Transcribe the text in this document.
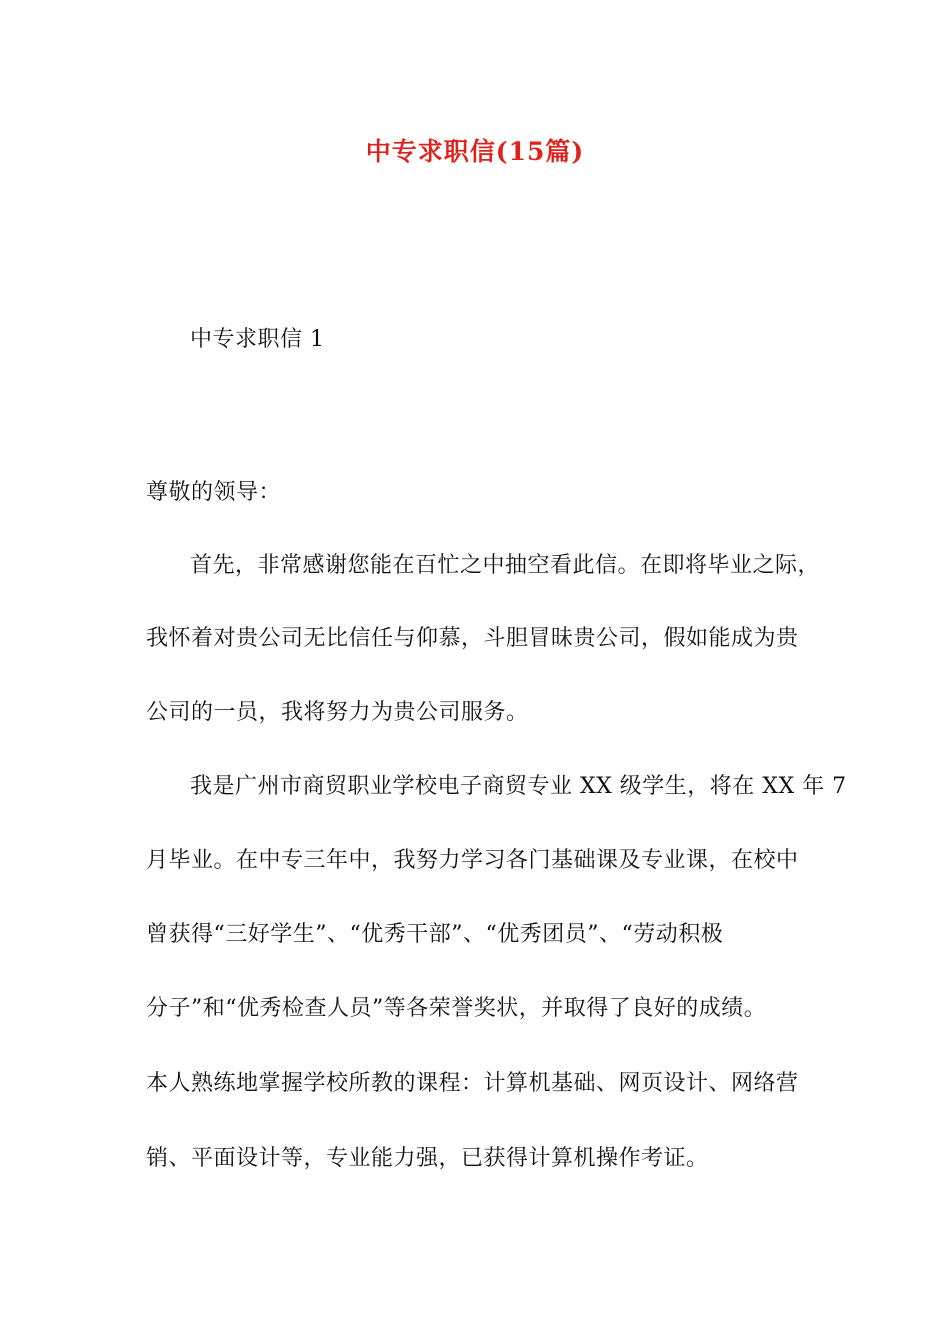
中专求职信(15篇)
中专求职信 1
尊敬的领导：
首先，非常感谢您能在百忙之中抽空看此信。在即将毕业之际，
我怀着对贵公司无比信任与仰慕，斗胆冒昧贵公司，假如能成为贵
公司的一员，我将努力为贵公司服务。
我是广州市商贸职业学校电子商贸专业 XX 级学生，将在 XX 年 7
月毕业。在中专三年中，我努力学习各门基础课及专业课，在校中
曾获得“三好学生”、“优秀干部”、“优秀团员”、“劳动积极
分子”和“优秀检查人员”等各荣誉奖状，并取得了良好的成绩。
本人熟练地掌握学校所教的课程：计算机基础、网页设计、网络营
销、平面设计等，专业能力强，已获得计算机操作考证。
